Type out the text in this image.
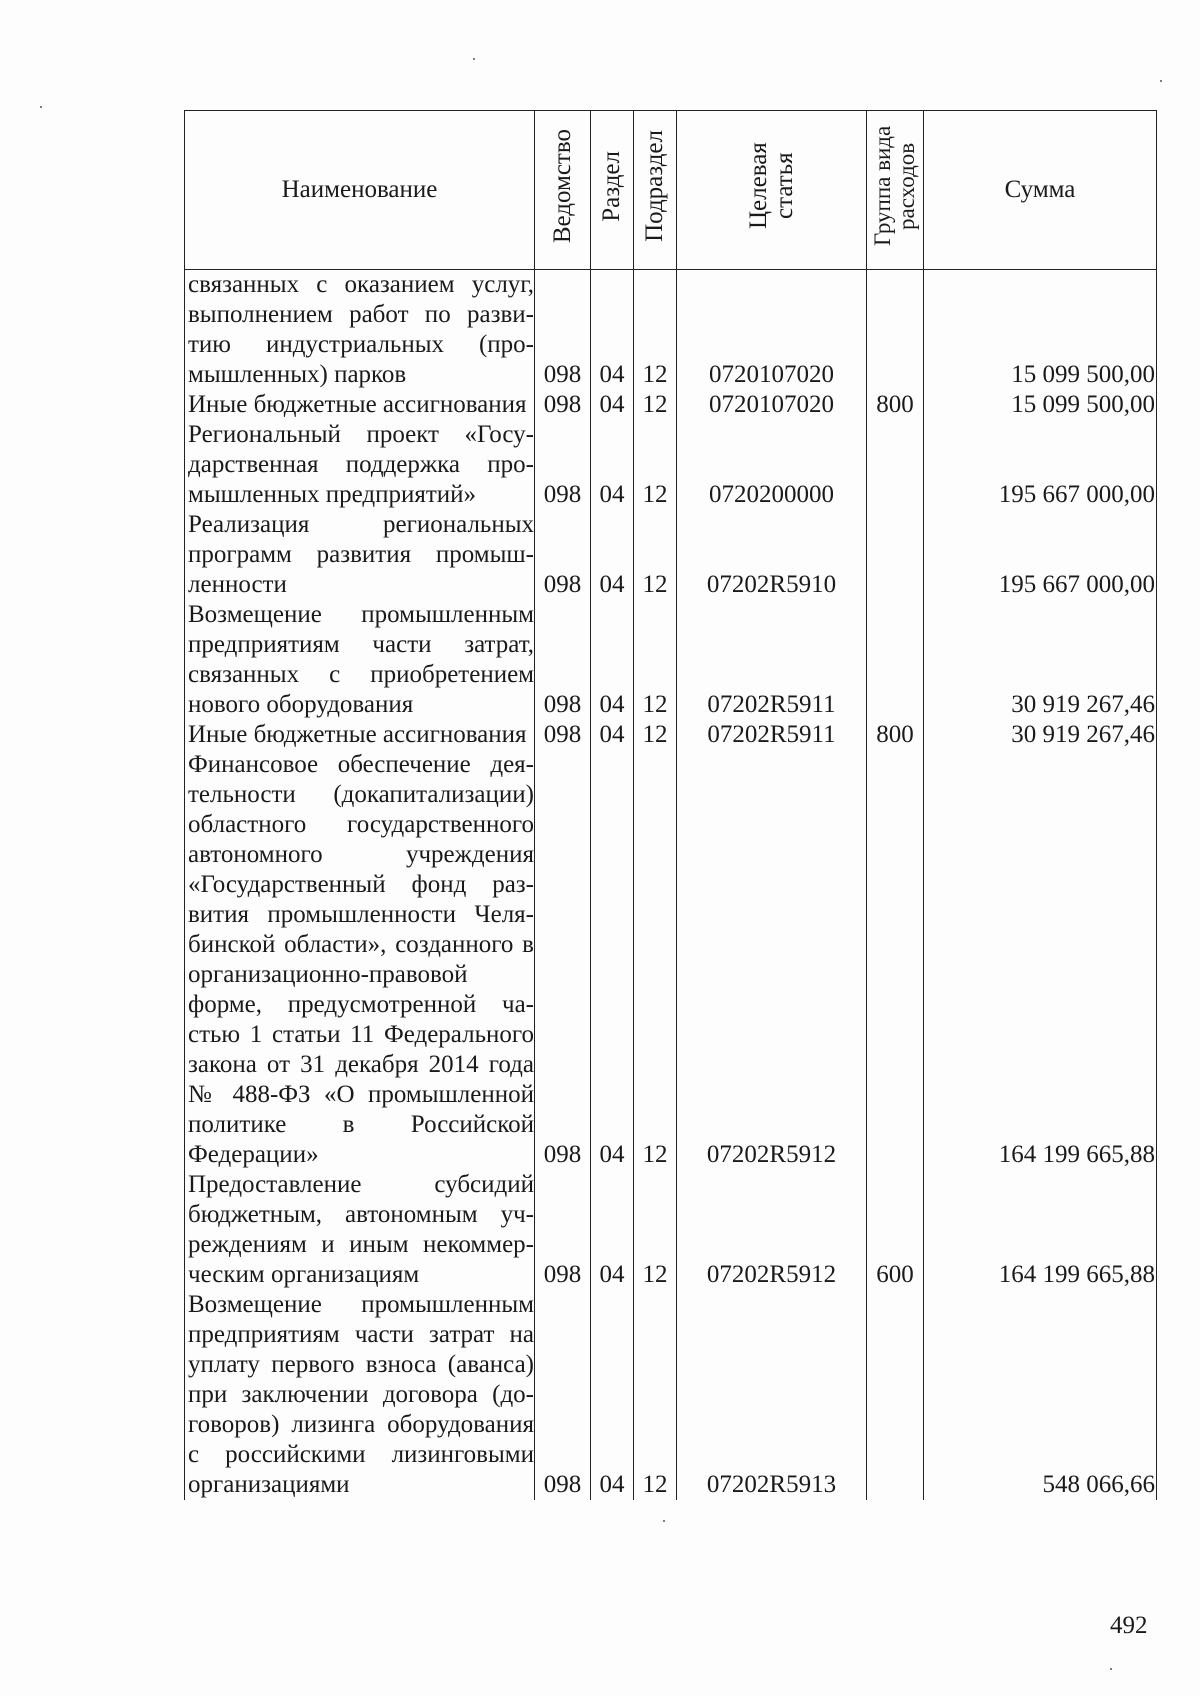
Наименование	Ведомство	Раздел	Подраздел	Целевая статья	Группа вида расходов	Сумма
связанных с оказанием услуг, выполнением работ по развитию индустриальных (промышленных) парков	098	04	12	0720107020		15 099 500,00
Иные бюджетные ассигнования	098	04	12	0720107020	800	15 099 500,00
Региональный проект «Государственная поддержка промышленных предприятий»	098	04	12	0720200000		195 667 000,00
Реализация региональных программ развития промышленности	098	04	12	07202R5910		195 667 000,00
Возмещение промышленным предприятиям части затрат, связанных с приобретением нового оборудования	098	04	12	07202R5911		30 919 267,46
Иные бюджетные ассигнования	098	04	12	07202R5911	800	30 919 267,46
Финансовое обеспечение деятельности (докапитализации) областного государственного автономного учреждения «Государственный фонд развития промышленности Челябинской области», созданного в организационно-правовой форме, предусмотренной частью 1 статьи 11 Федерального закона от 31 декабря 2014 года № 488-ФЗ «О промышленной политике в Российской Федерации»	098	04	12	07202R5912		164 199 665,88
Предоставление субсидий бюджетным, автономным учреждениям и иным некоммерческим организациям	098	04	12	07202R5912	600	164 199 665,88
Возмещение промышленным предприятиям части затрат на уплату первого взноса (аванса) при заключении договора (договоров) лизинга оборудования с российскими лизинговыми организациями	098	04	12	07202R5913		548 066,66
492
